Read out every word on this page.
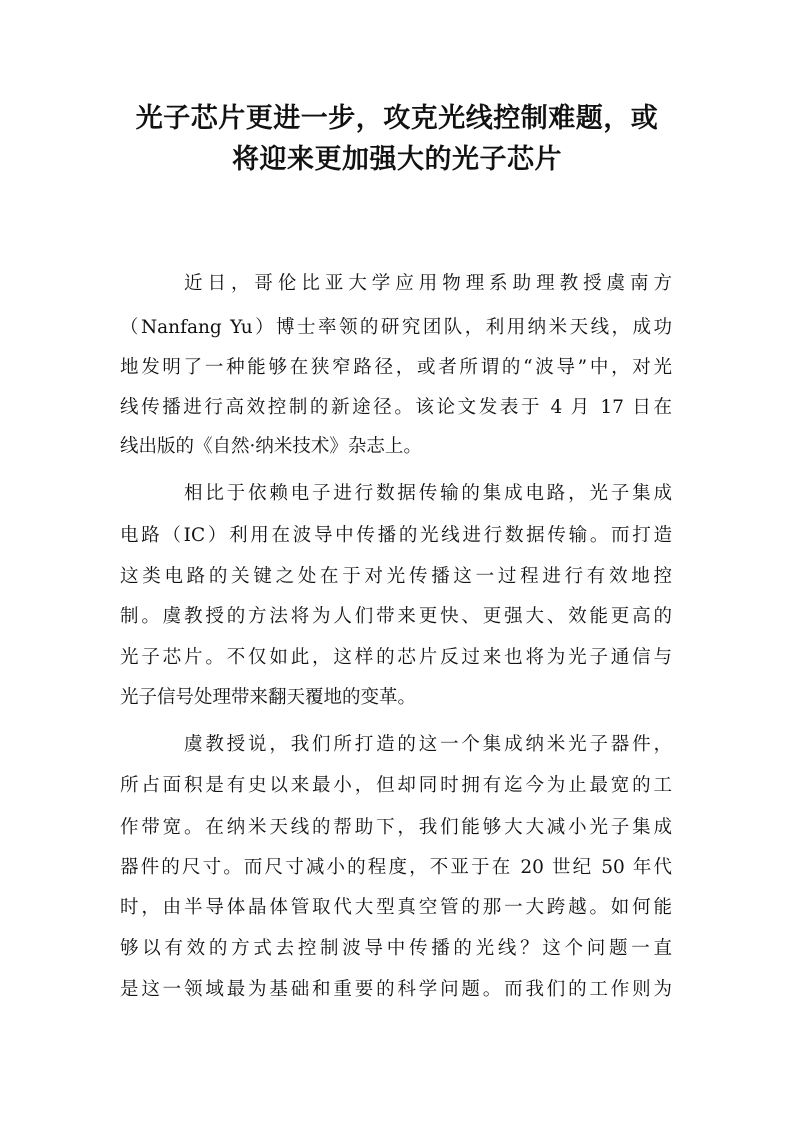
光子芯片更进一步，攻克光线控制难题，或
将迎来更加强大的光子芯片
近日，哥伦比亚大学应用物理系助理教授虞南方
（Nanfang Yu）博士率领的研究团队，利用纳米天线，成功
地发明了一种能够在狭窄路径，或者所谓的“波导”中，对光
线传播进行高效控制的新途径。该论文发表于 4 月 17 日在
线出版的《自然·纳米技术》杂志上。
相比于依赖电子进行数据传输的集成电路，光子集成
电路（IC）利用在波导中传播的光线进行数据传输。而打造
这类电路的关键之处在于对光传播这一过程进行有效地控
制。虞教授的方法将为人们带来更快、更强大、效能更高的
光子芯片。不仅如此，这样的芯片反过来也将为光子通信与
光子信号处理带来翻天覆地的变革。
虞教授说，我们所打造的这一个集成纳米光子器件，
所占面积是有史以来最小，但却同时拥有迄今为止最宽的工
作带宽。在纳米天线的帮助下，我们能够大大减小光子集成
器件的尺寸。而尺寸减小的程度，不亚于在 20 世纪 50 年代
时，由半导体晶体管取代大型真空管的那一大跨越。如何能
够以有效的方式去控制波导中传播的光线？这个问题一直
是这一领域最为基础和重要的科学问题。而我们的工作则为
